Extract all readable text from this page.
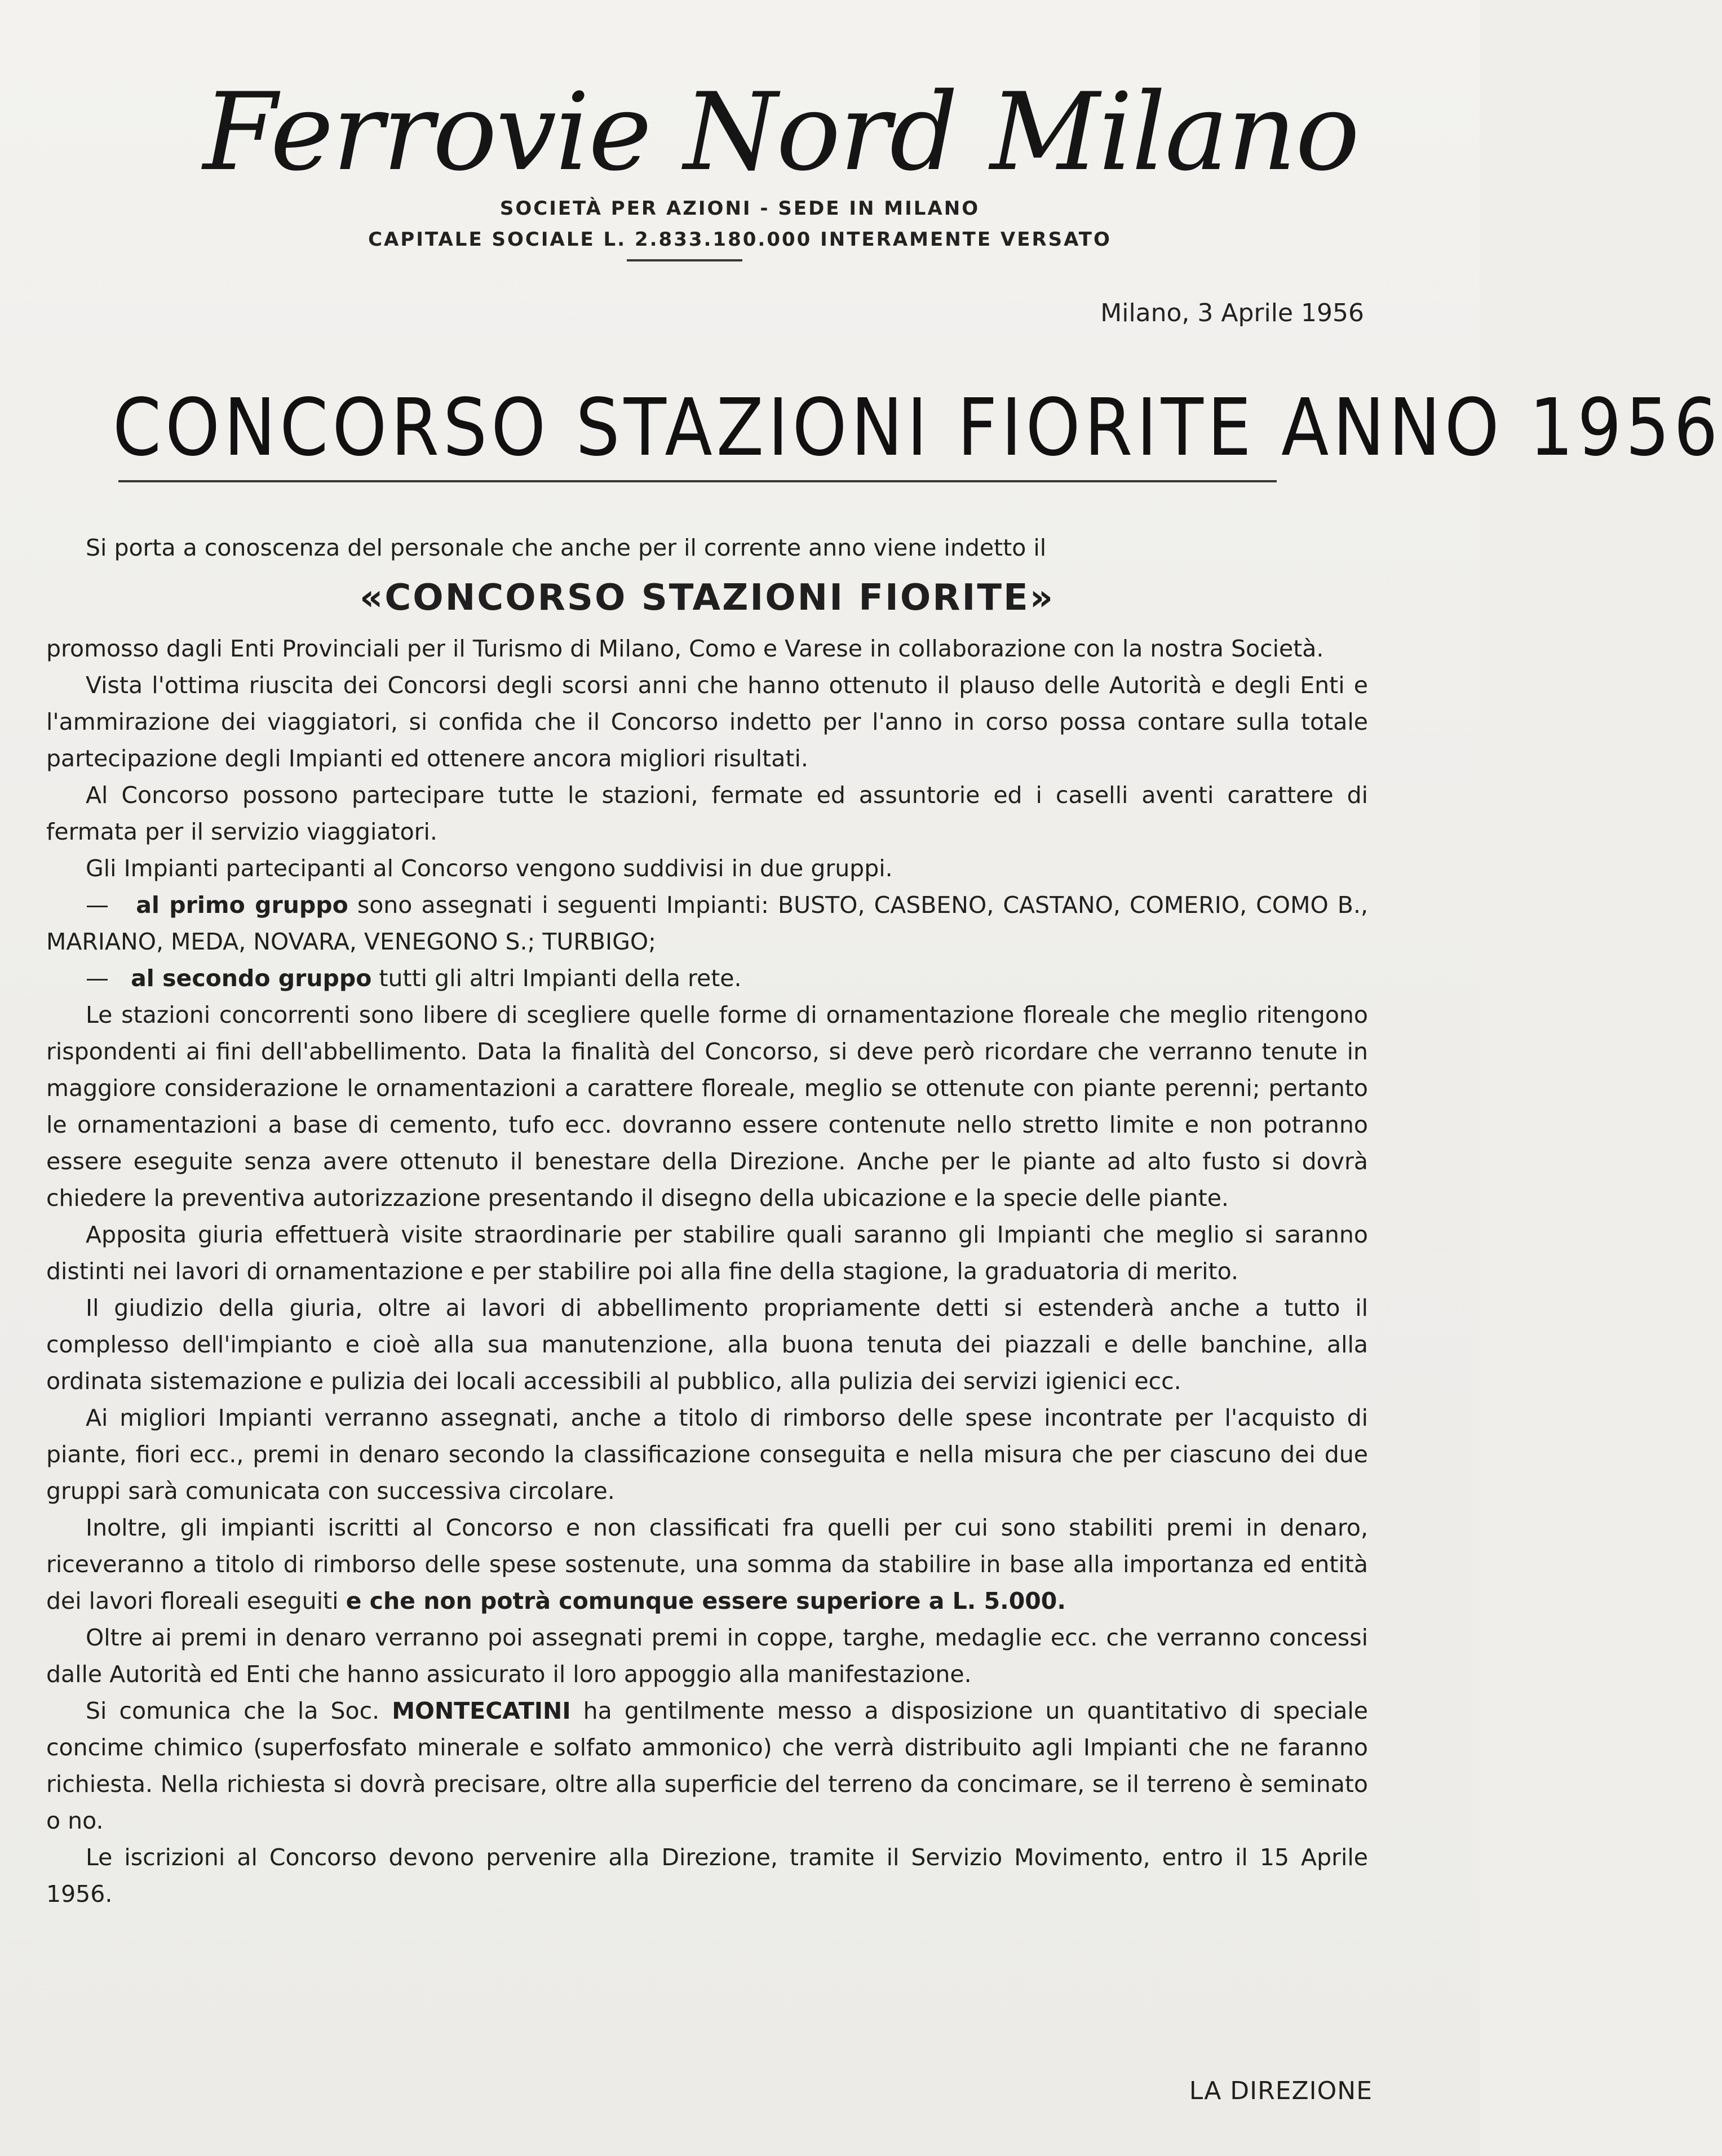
Ferrovie Nord Milano
SOCIETÀ PER AZIONI - SEDE IN MILANO
CAPITALE SOCIALE L. 2.833.180.000 INTERAMENTE VERSATO
Milano, 3 Aprile 1956
CONCORSO STAZIONI FIORITE ANNO 1956

Si porta a conoscenza del personale che anche per il corrente anno viene indetto il

«CONCORSO STAZIONI FIORITE»

promosso dagli Enti Provinciali per il Turismo di Milano, Como e Varese in collaborazione con la nostra Società.

Vista l'ottima riuscita dei Concorsi degli scorsi anni che hanno ottenuto il plauso delle Autorità e degli Enti e l'ammirazione dei viaggiatori, si confida che il Concorso indetto per l'anno in corso possa contare sulla totale partecipazione degli Impianti ed ottenere ancora migliori risultati.

Al Concorso possono partecipare tutte le stazioni, fermate ed assuntorie ed i caselli aventi carattere di fermata per il servizio viaggiatori.

Gli Impianti partecipanti al Concorso vengono suddivisi in due gruppi.

— al primo gruppo sono assegnati i seguenti Impianti: BUSTO, CASBENO, CASTANO, COMERIO, COMO B., MARIANO, MEDA, NOVARA, VENEGONO S.; TURBIGO;

— al secondo gruppo tutti gli altri Impianti della rete.

Le stazioni concorrenti sono libere di scegliere quelle forme di ornamentazione floreale che meglio ritengono rispondenti ai fini dell'abbellimento. Data la finalità del Concorso, si deve però ricordare che verranno tenute in maggiore considerazione le ornamentazioni a carattere floreale, meglio se ottenute con piante perenni; pertanto le ornamentazioni a base di cemento, tufo ecc. dovranno essere contenute nello stretto limite e non potranno essere eseguite senza avere ottenuto il benestare della Direzione. Anche per le piante ad alto fusto si dovrà chiedere la preventiva autorizzazione presentando il disegno della ubicazione e la specie delle piante.

Apposita giuria effettuerà visite straordinarie per stabilire quali saranno gli Impianti che meglio si saranno distinti nei lavori di ornamentazione e per stabilire poi alla fine della stagione, la graduatoria di merito.

Il giudizio della giuria, oltre ai lavori di abbellimento propriamente detti si estenderà anche a tutto il complesso dell'impianto e cioè alla sua manutenzione, alla buona tenuta dei piazzali e delle banchine, alla ordinata sistemazione e pulizia dei locali accessibili al pubblico, alla pulizia dei servizi igienici ecc.

Ai migliori Impianti verranno assegnati, anche a titolo di rimborso delle spese incontrate per l'acquisto di piante, fiori ecc., premi in denaro secondo la classificazione conseguita e nella misura che per ciascuno dei due gruppi sarà comunicata con successiva circolare.

Inoltre, gli impianti iscritti al Concorso e non classificati fra quelli per cui sono stabiliti premi in denaro, riceveranno a titolo di rimborso delle spese sostenute, una somma da stabilire in base alla importanza ed entità dei lavori floreali eseguiti e che non potrà comunque essere superiore a L. 5.000.

Oltre ai premi in denaro verranno poi assegnati premi in coppe, targhe, medaglie ecc. che verranno concessi dalle Autorità ed Enti che hanno assicurato il loro appoggio alla manifestazione.

Si comunica che la Soc. MONTECATINI ha gentilmente messo a disposizione un quantitativo di speciale concime chimico (superfosfato minerale e solfato ammonico) che verrà distribuito agli Impianti che ne faranno richiesta. Nella richiesta si dovrà precisare, oltre alla superficie del terreno da concimare, se il terreno è seminato o no.

Le iscrizioni al Concorso devono pervenire alla Direzione, tramite il Servizio Movimento, entro il 15 Aprile 1956.

LA DIREZIONE
